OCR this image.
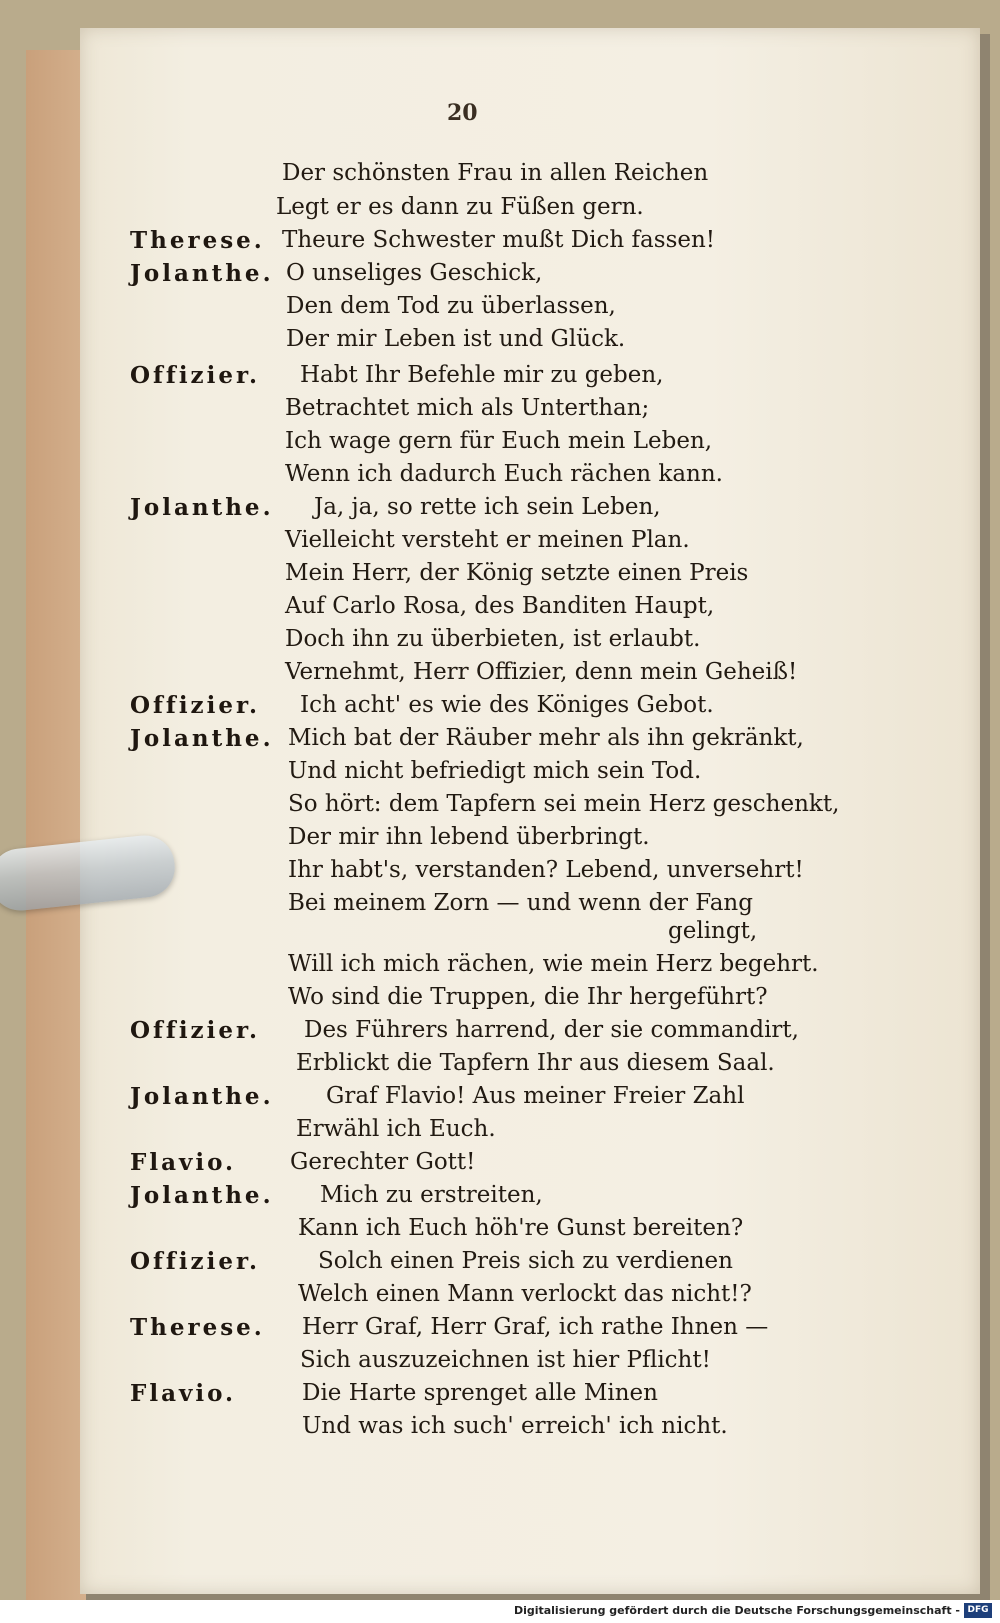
20
Der schönsten Frau in allen Reichen
Legt er es dann zu Füßen gern.
Therese. Theure Schwester mußt Dich fassen!
Jolanthe. O unseliges Geschick,
Den dem Tod zu überlassen,
Der mir Leben ist und Glück.
Offizier. Habt Ihr Befehle mir zu geben,
Betrachtet mich als Unterthan;
Ich wage gern für Euch mein Leben,
Wenn ich dadurch Euch rächen kann.
Jolanthe. Ja, ja, so rette ich sein Leben,
Vielleicht versteht er meinen Plan.
Mein Herr, der König setzte einen Preis
Auf Carlo Rosa, des Banditen Haupt,
Doch ihn zu überbieten, ist erlaubt.
Vernehmt, Herr Offizier, denn mein Geheiß!
Offizier. Ich acht' es wie des Königes Gebot.
Jolanthe. Mich bat der Räuber mehr als ihn gekränkt,
Und nicht befriedigt mich sein Tod.
So hört: dem Tapfern sei mein Herz geschenkt,
Der mir ihn lebend überbringt.
Ihr habt's, verstanden? Lebend, unversehrt!
Bei meinem Zorn — und wenn der Fang
gelingt,
Will ich mich rächen, wie mein Herz begehrt.
Wo sind die Truppen, die Ihr hergeführt?
Offizier. Des Führers harrend, der sie commandirt,
Erblickt die Tapfern Ihr aus diesem Saal.
Jolanthe. Graf Flavio! Aus meiner Freier Zahl
Erwähl ich Euch.
Flavio. Gerechter Gott!
Jolanthe. Mich zu erstreiten,
Kann ich Euch höh're Gunst bereiten?
Offizier.	Solch einen Preis sich zu verdienen
Welch einen Mann verlockt das nicht!?
Therese. Herr Graf, Herr Graf, ich rathe Ihnen —
Sich auszuzeichnen ist hier Pflicht!
Flavio.	Die Harte sprenget alle Minen
Und was ich such' erreich' ich nicht.
Digitalisierung gefördert durch die Deutsche Forschungsgemeinschaft - DFG
